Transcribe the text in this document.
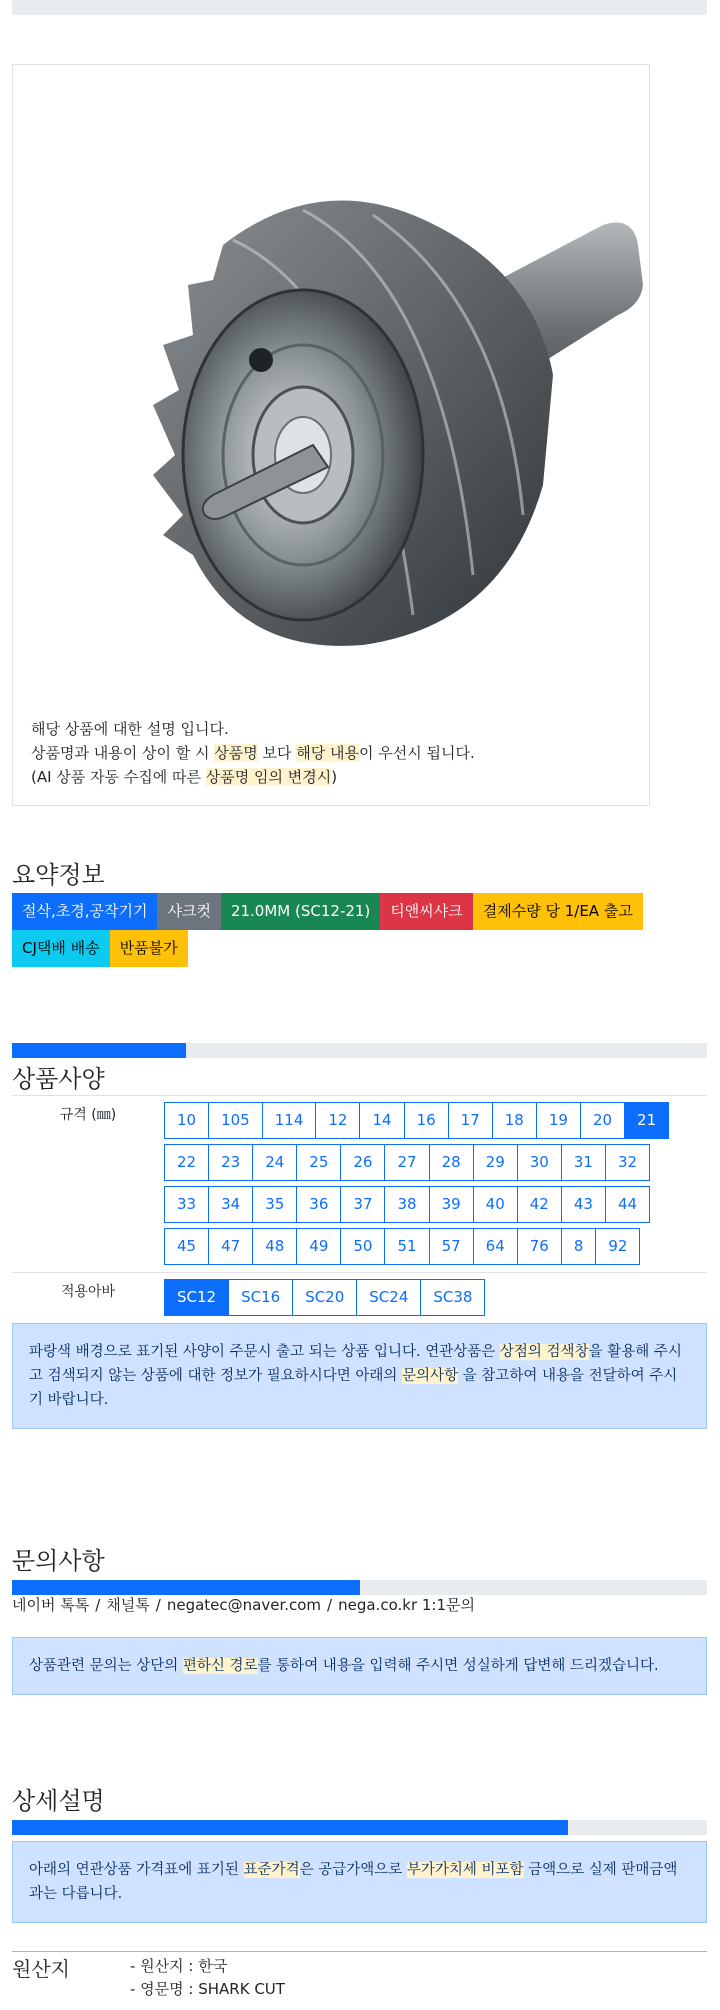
해당 상품에 대한 설명 입니다.
상품명과 내용이 상이 할 시 상품명 보다 해당 내용이 우선시 됩니다.
(AI 상품 자동 수집에 따른 상품명 임의 변경시)
요약정보
절삭,초경,공작기기	샤크컷	21.0MM (SC12-21)	티앤씨샤크	결제수량 당 1/EA 출고
CJ택배 배송	반품불가
상품사양
규격 (㎜)	10 105 114 12 14 16 17 18 19 20 21
22 23 24 25 26 27 28 29 30 31 32
33 34 35 36 37 38 39 40 42 43 44
45 47 48 49 50 51 57 64 76 8 92

적용아바	SC12 SC16 SC20 SC24 SC38
파랑색 배경으로 표기된 사양이 주문시 출고 되는 상품 입니다. 연관상품은 상점의 검색창을 활용해 주시고 검색되지 않는 상품에 대한 정보가 필요하시다면 아래의 문의사항 을 참고하여 내용을 전달하여 주시기 바랍니다.
문의사항
네이버 톡톡 / 채널톡 / negatec@naver.com / nega.co.kr 1:1문의
상품관련 문의는 상단의 편하신 경로를 통하여 내용을 입력해 주시면 성실하게 답변해 드리겠습니다.
상세설명
아래의 연관상품 가격표에 표기된 표준가격은 공급가액으로 부가가치세 비포함 금액으로 실제 판매금액과는 다릅니다.
원산지	- 원산지 : 한국
- 영문명 : SHARK CUT
